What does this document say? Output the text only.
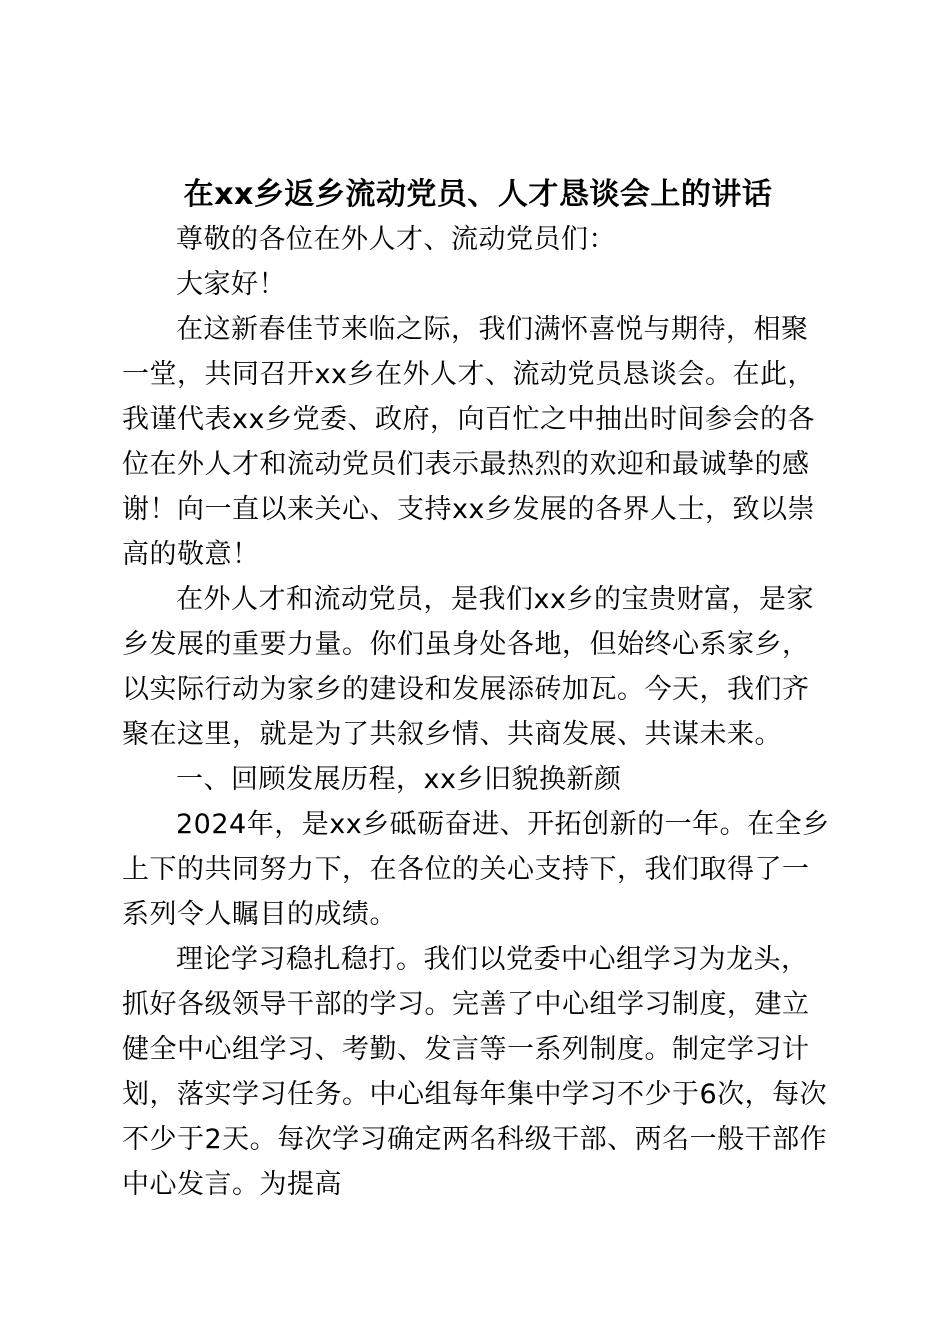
在xx乡返乡流动党员、人才恳谈会上的讲话

尊敬的各位在外人才、流动党员们：

大家好！

在这新春佳节来临之际，我们满怀喜悦与期待，相聚一堂，共同召开xx乡在外人才、流动党员恳谈会。在此，我谨代表xx乡党委、政府，向百忙之中抽出时间参会的各位在外人才和流动党员们表示最热烈的欢迎和最诚挚的感谢！向一直以来关心、支持xx乡发展的各界人士，致以崇高的敬意！

在外人才和流动党员，是我们xx乡的宝贵财富，是家乡发展的重要力量。你们虽身处各地，但始终心系家乡，以实际行动为家乡的建设和发展添砖加瓦。今天，我们齐聚在这里，就是为了共叙乡情、共商发展、共谋未来。

一、回顾发展历程，xx乡旧貌换新颜

2024年，是xx乡砥砺奋进、开拓创新的一年。在全乡上下的共同努力下，在各位的关心支持下，我们取得了一系列令人瞩目的成绩。

理论学习稳扎稳打。我们以党委中心组学习为龙头，抓好各级领导干部的学习。完善了中心组学习制度，建立健全中心组学习、考勤、发言等一系列制度。制定学习计划，落实学习任务。中心组每年集中学习不少于6次，每次不少于2天。每次学习确定两名科级干部、两名一般干部作中心发言。为提高
